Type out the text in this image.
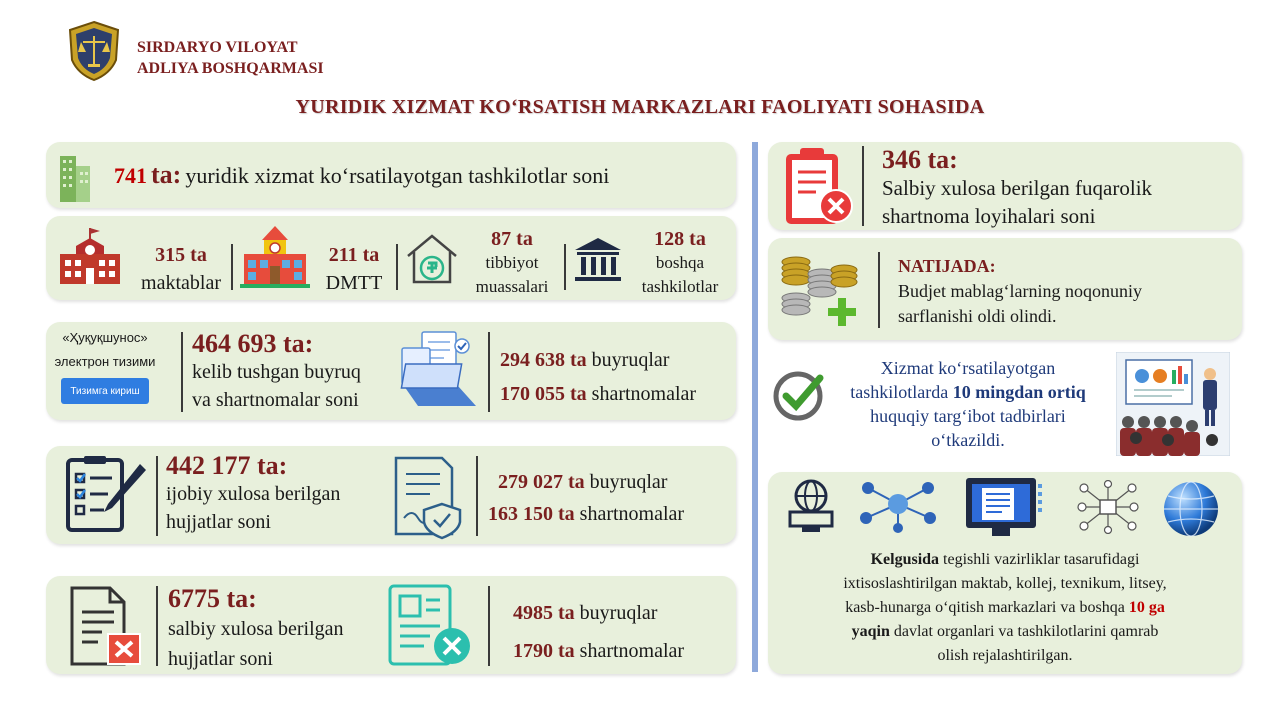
SIRDARYO VILOYAT
ADLIYA BOSHQARMASI
YURIDIK XIZMAT KO‘RSATISH MARKAZLARI FAOLIYATI SOHASIDA
741 ta: yuridik xizmat ko‘rsatilayotgan tashkilotlar soni
315 ta
maktablar
211 ta
DMTT
87 ta
tibbiyot
muassalari
128 ta
boshqa
tashkilotlar
«Ҳуқуқшунос»
электрон тизими
Тизимга кириш
464 693 ta:
kelib tushgan buyruq
va shartnomalar soni
294 638 ta buyruqlar
170 055 ta shartnomalar
442 177 ta:
ijobiy xulosa berilgan
hujjatlar soni
279 027 ta buyruqlar
163 150 ta shartnomalar
6775 ta:
salbiy xulosa berilgan
hujjatlar soni
4985 ta buyruqlar
1790 ta shartnomalar
346 ta:
Salbiy xulosa berilgan fuqarolik
shartnoma loyihalari soni
NATIJADA:
Budjet mablag‘larning noqonuniy
sarflanishi oldi olindi.
Xizmat ko‘rsatilayotgan
tashkilotlarda 10 mingdan ortiq
huquqiy targ‘ibot tadbirlari
o‘tkazildi.
Kelgusida tegishli vazirliklar tasarufidagi
ixtisoslashtirilgan maktab, kollej, texnikum, litsey,
kasb-hunarga o‘qitish markazlari va boshqa 10 ga
yaqin davlat organlari va tashkilotlarini qamrab
olish rejalashtirilgan.
